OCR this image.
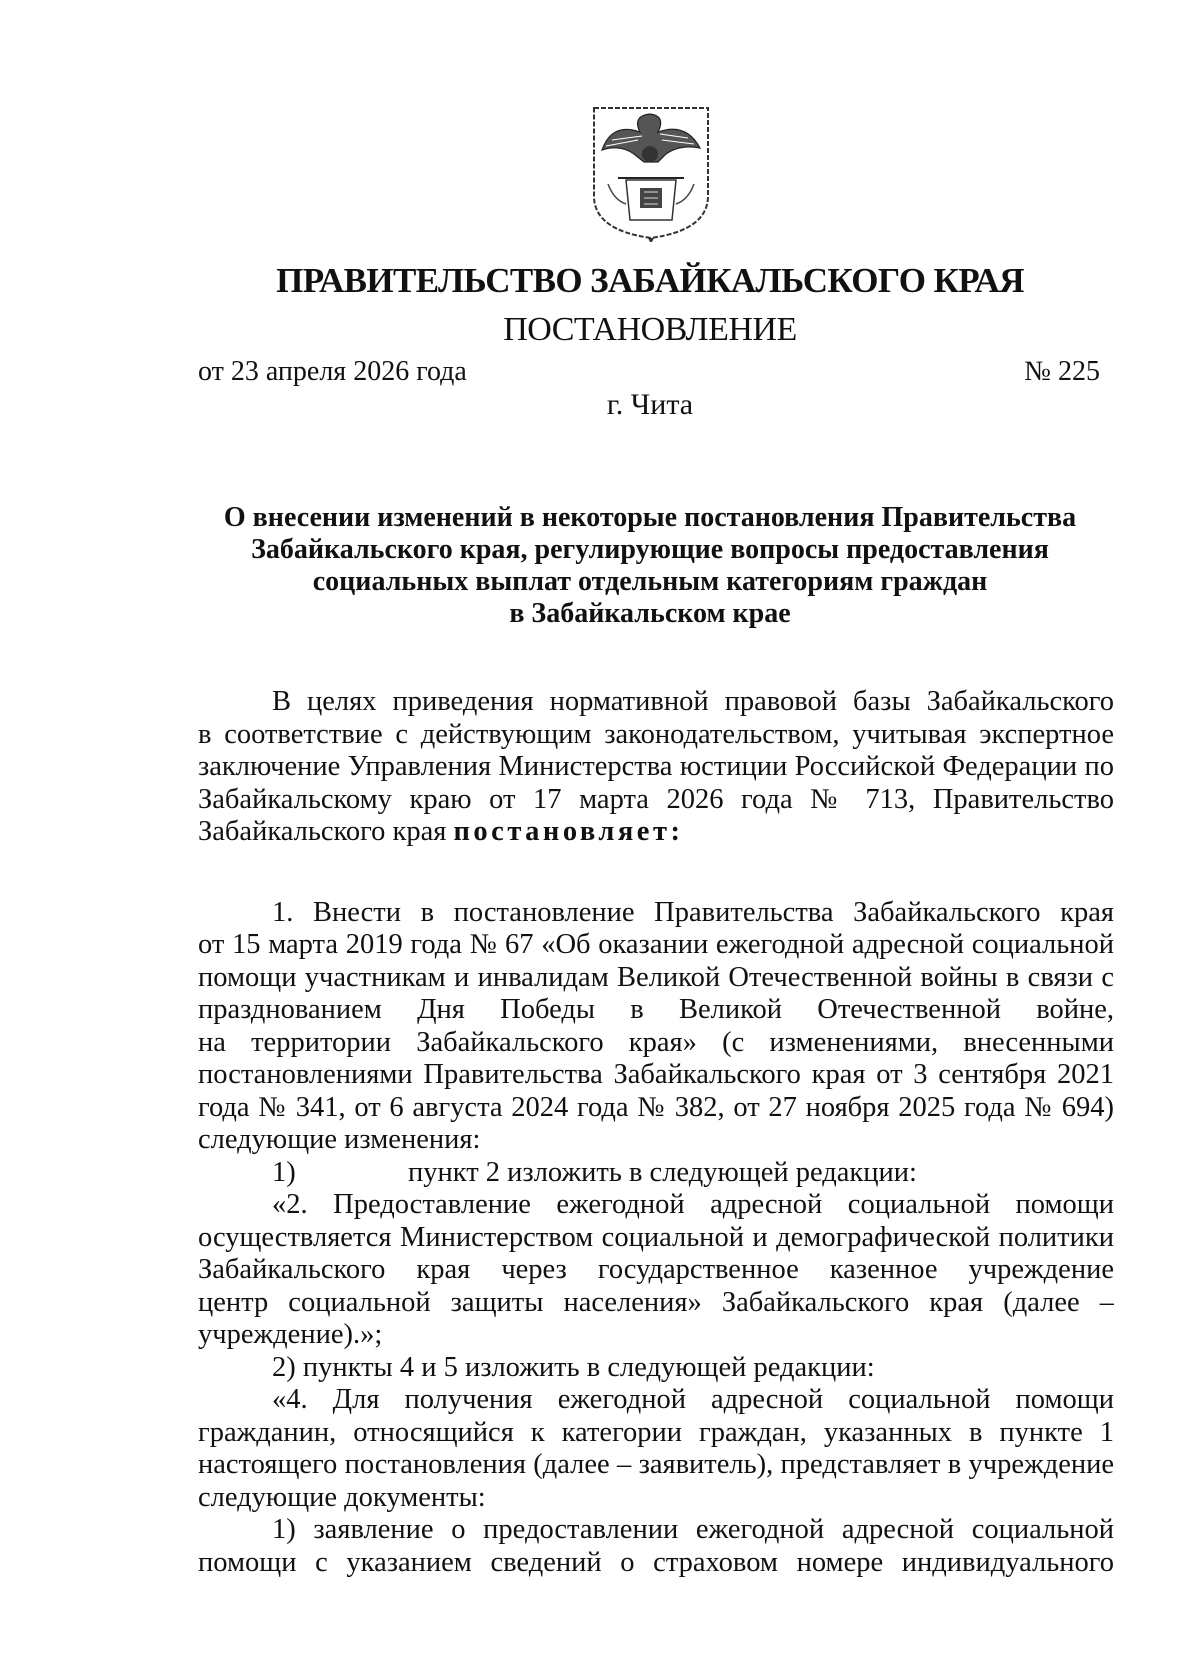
ПРАВИТЕЛЬСТВО ЗАБАЙКАЛЬСКОГО КРАЯ
ПОСТАНОВЛЕНИЕ
от 23 апреля 2026 года	№ 225
г. Чита
О внесении изменений в некоторые постановления Правительства
Забайкальского края, регулирующие вопросы предоставления
социальных выплат отдельным категориям граждан
в Забайкальском крае
В целях приведения нормативной правовой базы Забайкальского
в соответствие с действующим законодательством, учитывая экспертное
заключение Управления Министерства юстиции Российской Федерации по
Забайкальскому краю от 17 марта 2026 года № 713, Правительство
Забайкальского края постановляет:
1. Внести в постановление Правительства Забайкальского края
от 15 марта 2019 года № 67 «Об оказании ежегодной адресной социальной
помощи участникам и инвалидам Великой Отечественной войны в связи с
празднованием Дня Победы в Великой Отечественной войне,
на территории Забайкальского края» (с изменениями, внесенными
постановлениями Правительства Забайкальского края от 3 сентября 2021
года № 341, от 6 августа 2024 года № 382, от 27 ноября 2025 года № 694)
следующие изменения:
1)	пункт 2 изложить в следующей редакции:
«2. Предоставление ежегодной адресной социальной помощи
осуществляется Министерством социальной и демографической политики
Забайкальского края через государственное казенное учреждение
центр социальной защиты населения» Забайкальского края (далее –
учреждение).»;
2) пункты 4 и 5 изложить в следующей редакции:
«4. Для получения ежегодной адресной социальной помощи
гражданин, относящийся к категории граждан, указанных в пункте 1
настоящего постановления (далее – заявитель), представляет в учреждение
следующие документы:
1) заявление о предоставлении ежегодной адресной социальной
помощи с указанием сведений о страховом номере индивидуального
